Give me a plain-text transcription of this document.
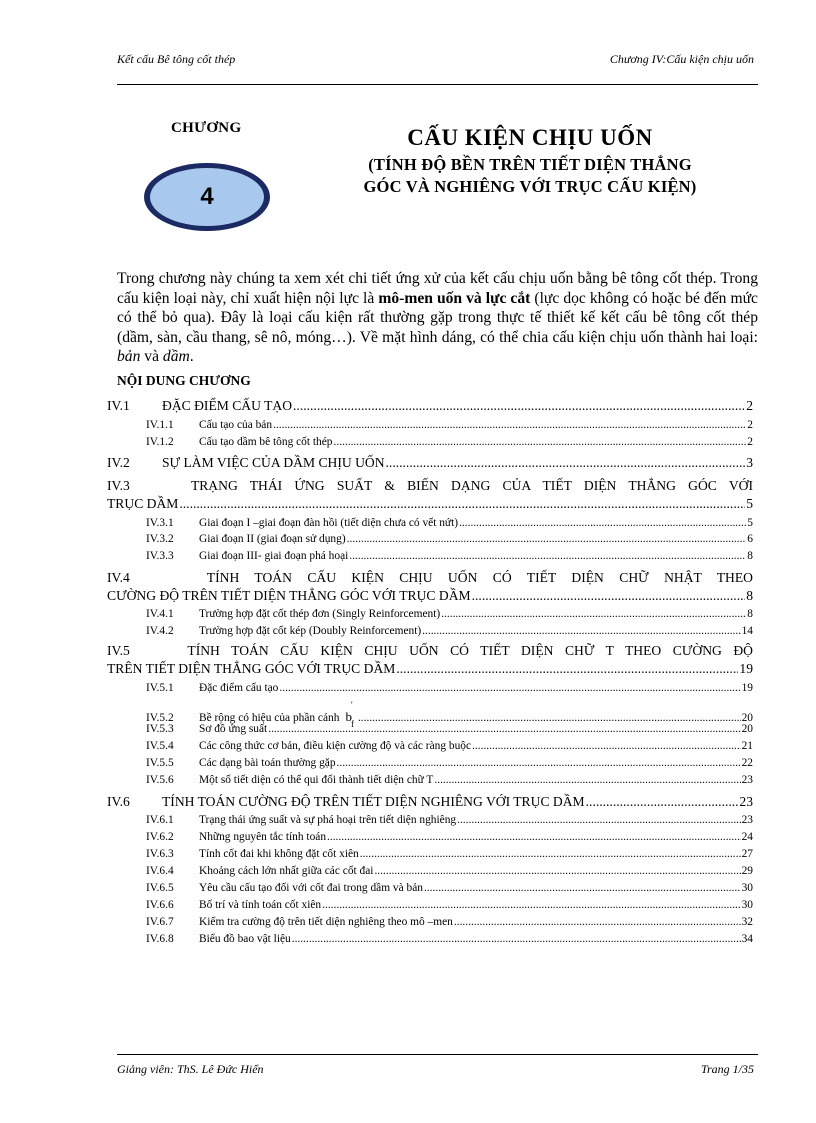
Kết cấu Bê tông cốt thép	Chương IV:Cấu kiện chịu uốn
CHƯƠNG
4
CẤU KIỆN CHỊU UỐN
(TÍNH ĐỘ BỀN TRÊN TIẾT DIỆN THẲNG
GÓC VÀ NGHIÊNG VỚI TRỤC CẤU KIỆN)
Trong chương này chúng ta xem xét chi tiết ứng xử của kết cấu chịu uốn bằng bê tông cốt thép. Trong cấu kiện loại này, chỉ xuất hiện nội lực là mô-men uốn và lực cắt (lực dọc không có hoặc bé đến mức có thể bỏ qua). Đây là loại cấu kiện rất thường gặp trong thực tế thiết kế kết cấu bê tông cốt thép (dầm, sàn, cầu thang, sê nô, móng…). Về mặt hình dáng, có thể chia cấu kiện chịu uốn thành hai loại: bản và dầm.
NỘI DUNG CHƯƠNG
IV.1	ĐẶC ĐIỂM CẤU TẠO .....	2
IV.1.1	Cấu tạo của bản .....	2
IV.1.2	Cấu tạo dầm bê tông cốt thép .....	2
IV.2	SỰ LÀM VIỆC CỦA DẦM CHỊU UỐN .....	3
IV.3	TRẠNG THÁI ỨNG SUẤT & BIẾN DẠNG CỦA TIẾT DIỆN THẲNG GÓC VỚI
TRỤC DẦM .....	5
IV.3.1	Giai đoạn I –giai đoạn đàn hồi (tiết diện chưa có vết nứt) .....	5
IV.3.2	Giai đoạn II (giai đoạn sử dụng) .....	6
IV.3.3	Giai đoạn III- giai đoạn phá hoại .....	8
IV.4	TÍNH TOÁN CẤU KIỆN CHỊU UỐN CÓ TIẾT DIỆN CHỮ NHẬT THEO
CƯỜNG ĐỘ TRÊN TIẾT DIỆN THẲNG GÓC VỚI TRỤC DẦM .....	8
IV.4.1	Trường hợp đặt cốt thép đơn (Singly Reinforcement) .....	8
IV.4.2	Trường hợp đặt cốt kép (Doubly Reinforcement) .....	14
IV.5	TÍNH TOÁN CẤU KIỆN CHỊU UỐN CÓ TIẾT DIỆN CHỮ T THEO CƯỜNG ĐỘ
TRÊN TIẾT DIỆN THẲNG GÓC VỚI TRỤC DẦM .....	19
IV.5.1	Đặc điểm cấu tạo .....	19
IV.5.2	Bề rộng có hiệu của phần cánh b
'
f .....	20
IV.5.3	Sơ đồ ứng suất .....	20
IV.5.4	Các công thức cơ bản, điều kiện cường độ và các ràng buộc .....	21
IV.5.5	Các dạng bài toán thường gặp .....	22
IV.5.6	Một số tiết diện có thể qui đổi thành tiết diện chữ T .....	23
IV.6	TÍNH TOÁN CƯỜNG ĐỘ TRÊN TIẾT DIỆN NGHIÊNG VỚI TRỤC DẦM .....	23
IV.6.1	Trạng thái ứng suất và sự phá hoại trên tiết diện nghiêng .....	23
IV.6.2	Những nguyên tắc tính toán .....	24
IV.6.3	Tính cốt đai khi không đặt cốt xiên .....	27
IV.6.4	Khoảng cách lớn nhất giữa các cốt đai .....	29
IV.6.5	Yêu cầu cấu tạo đối với cốt đai trong dầm và bản .....	30
IV.6.6	Bố trí và tính toán cốt xiên .....	30
IV.6.7	Kiểm tra cường độ trên tiết diện nghiêng theo mô –men .....	32
IV.6.8	Biểu đồ bao vật liệu .....	34
Giảng viên: ThS. Lê Đức Hiển	Trang 1/35
